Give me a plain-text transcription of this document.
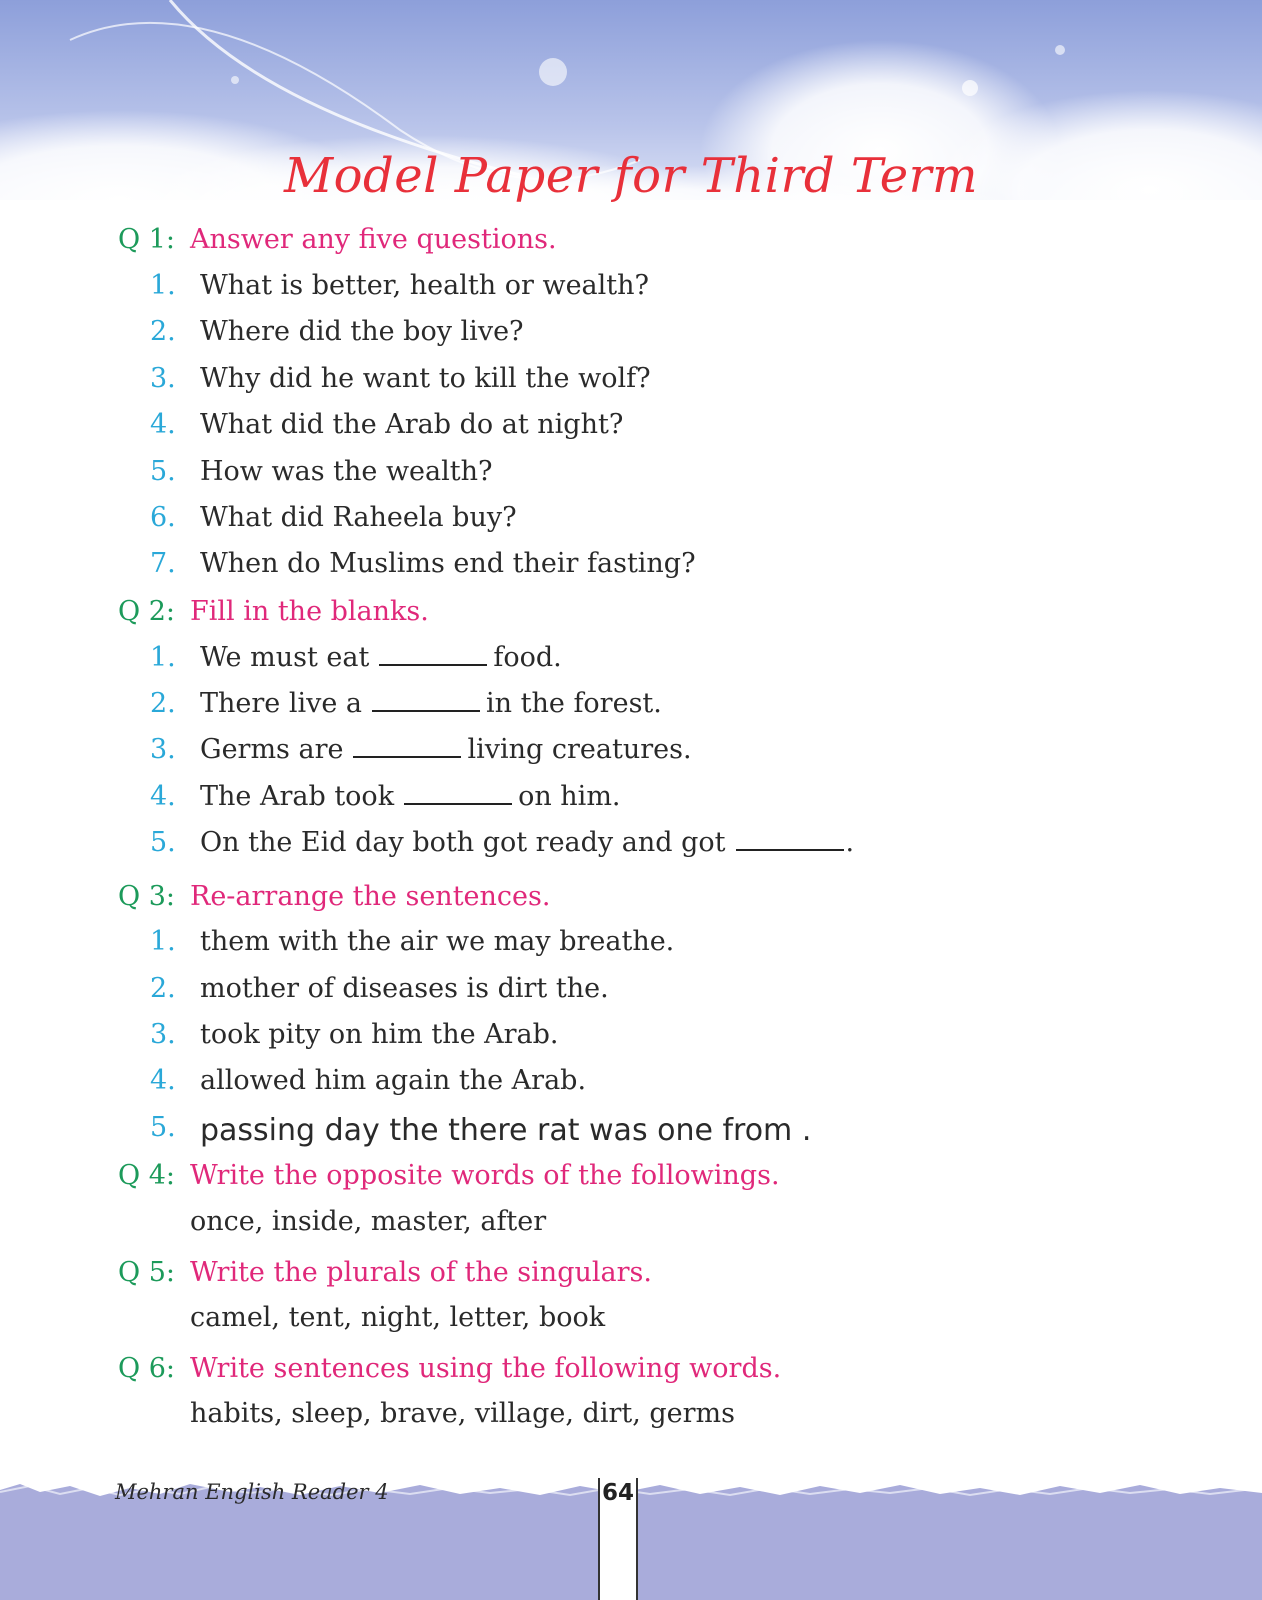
Model Paper for Third Term
Q 1: Answer any five questions.
1. What is better, health or wealth?
2. Where did the boy live?
3. Why did he want to kill the wolf?
4. What did the Arab do at night?
5. How was the wealth?
6. What did Raheela buy?
7. When do Muslims end their fasting?
Q 2: Fill in the blanks.
1. We must eat	food.
2. There live a	in the forest.
3. Germs are	living creatures.
4. The Arab took	on him.
5. On the Eid day both got ready and got	.
Q 3: Re-arrange the sentences.
1. them with the air we may breathe.
2. mother of diseases is dirt the.
3. took pity on him the Arab.
4. allowed him again the Arab.
5. passing day the there rat was one from .
Q 4: Write the opposite words of the followings.
once, inside, master, after
Q 5: Write the plurals of the singulars.
camel, tent, night, letter, book
Q 6: Write sentences using the following words.
habits, sleep, brave, village, dirt, germs
64
Mehran English Reader 4
